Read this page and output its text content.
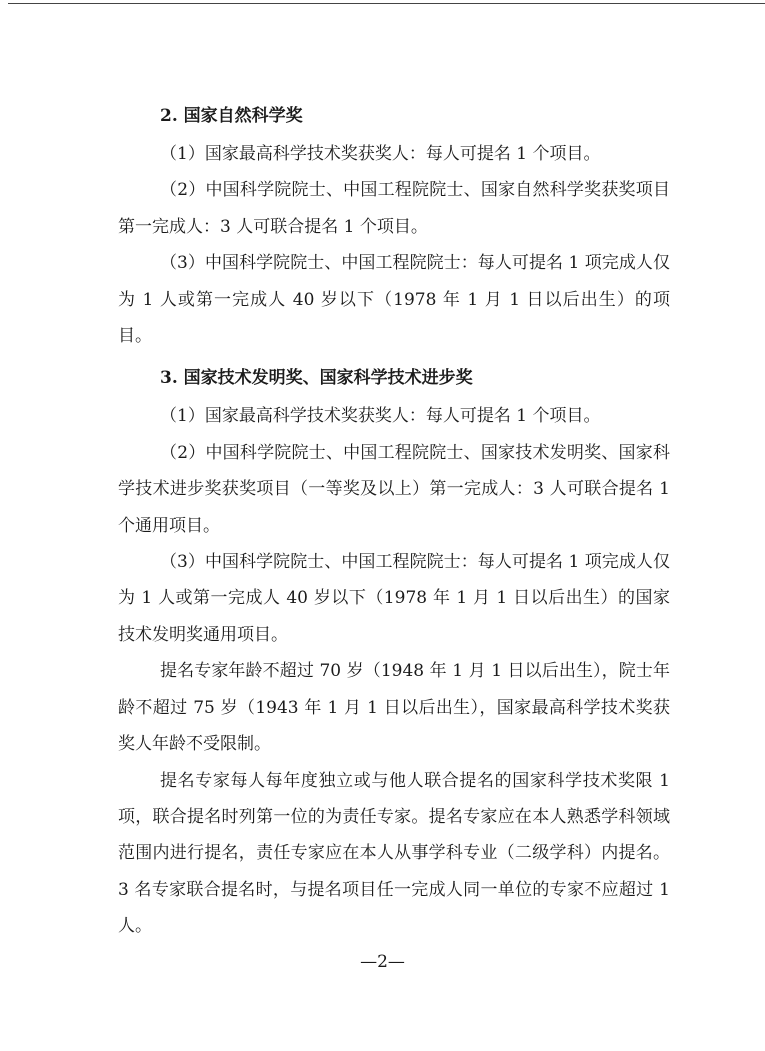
2. 国家自然科学奖

（1）国家最高科学技术奖获奖人：每人可提名 1 个项目。

（2）中国科学院院士、中国工程院院士、国家自然科学奖获奖项目第一完成人：3 人可联合提名 1 个项目。

（3）中国科学院院士、中国工程院院士：每人可提名 1 项完成人仅为 1 人或第一完成人 40 岁以下（1978 年 1 月 1 日以后出生）的项目。

3. 国家技术发明奖、国家科学技术进步奖

（1）国家最高科学技术奖获奖人：每人可提名 1 个项目。

（2）中国科学院院士、中国工程院院士、国家技术发明奖、国家科学技术进步奖获奖项目（一等奖及以上）第一完成人：3 人可联合提名 1 个通用项目。

（3）中国科学院院士、中国工程院院士：每人可提名 1 项完成人仅为 1 人或第一完成人 40 岁以下（1978 年 1 月 1 日以后出生）的国家技术发明奖通用项目。

提名专家年龄不超过 70 岁（1948 年 1 月 1 日以后出生），院士年龄不超过 75 岁（1943 年 1 月 1 日以后出生），国家最高科学技术奖获奖人年龄不受限制。

提名专家每人每年度独立或与他人联合提名的国家科学技术奖限 1 项，联合提名时列第一位的为责任专家。提名专家应在本人熟悉学科领域范围内进行提名，责任专家应在本人从事学科专业（二级学科）内提名。3 名专家联合提名时，与提名项目任一完成人同一单位的专家不应超过 1 人。

—2—
